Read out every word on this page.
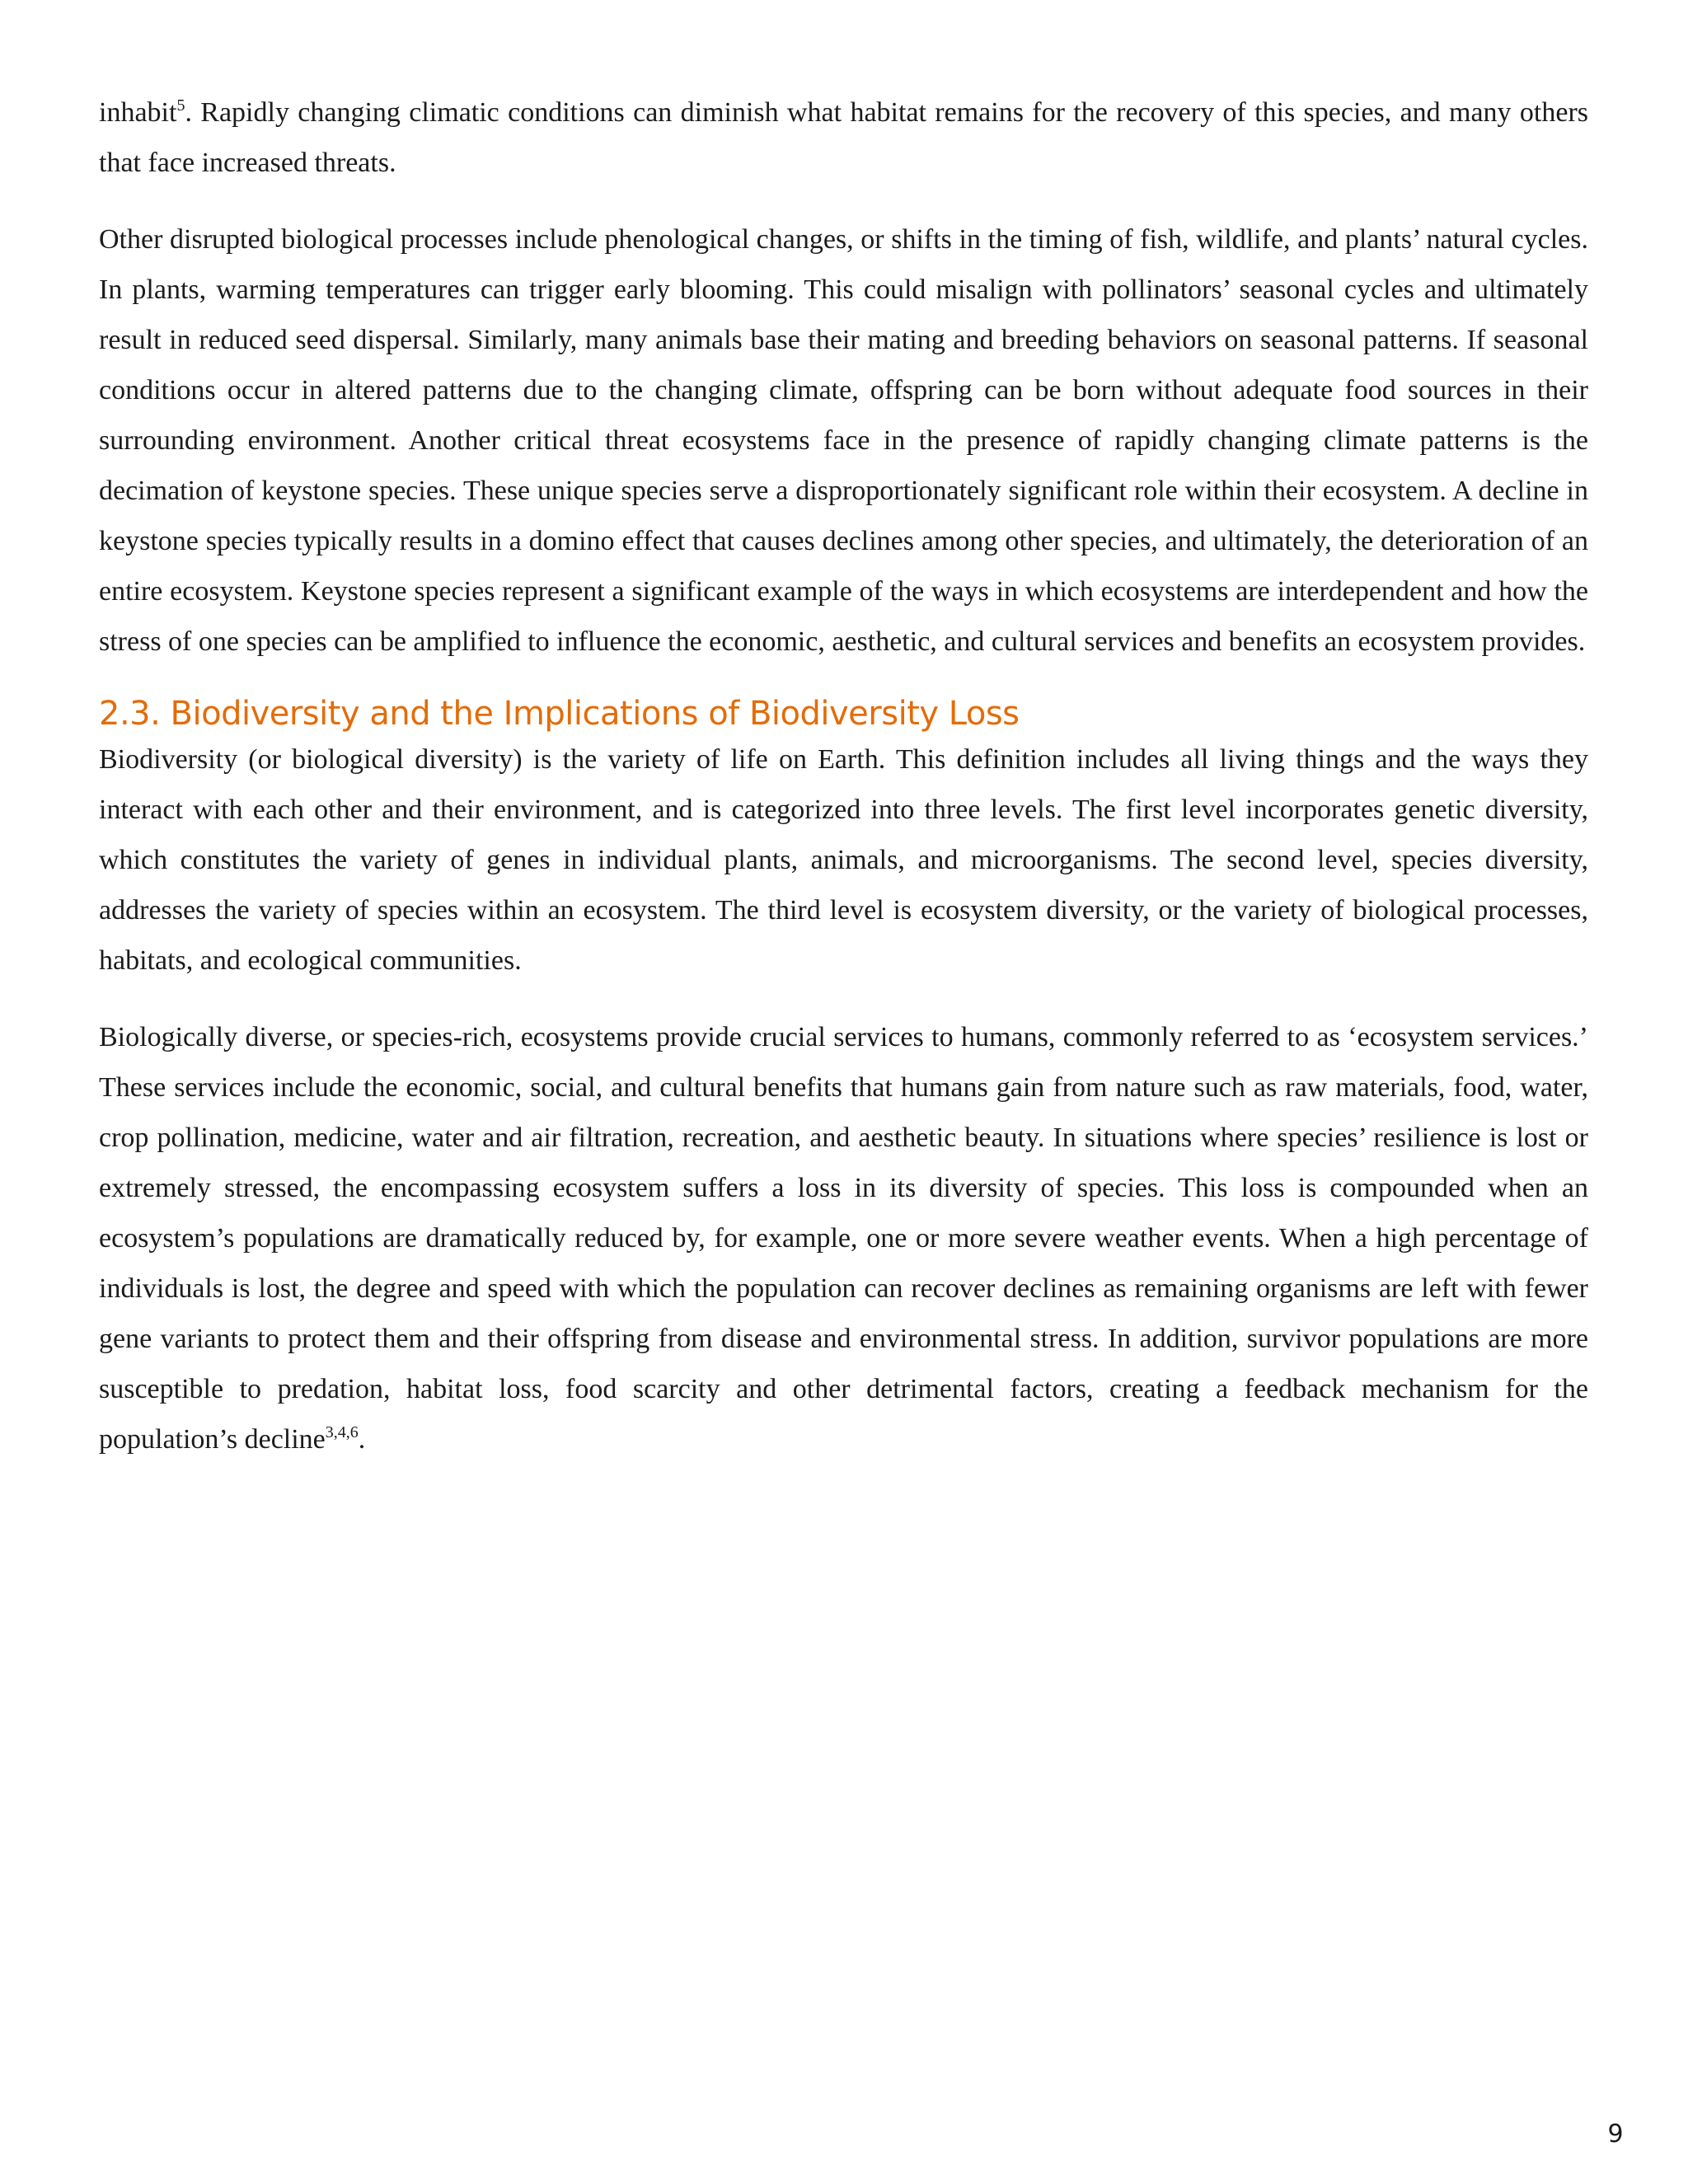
inhabit$^5$. Rapidly changing climatic conditions can diminish what habitat remains for the recovery of this species, and many others that face increased threats.

Other disrupted biological processes include phenological changes, or shifts in the timing of fish, wildlife, and plants’ natural cycles. In plants, warming temperatures can trigger early blooming. This could misalign with pollinators’ seasonal cycles and ultimately result in reduced seed dispersal. Similarly, many animals base their mating and breeding behaviors on seasonal patterns. If seasonal conditions occur in altered patterns due to the changing climate, offspring can be born without adequate food sources in their surrounding environment. Another critical threat ecosystems face in the presence of rapidly changing climate patterns is the decimation of keystone species. These unique species serve a disproportionately significant role within their ecosystem. A decline in keystone species typically results in a domino effect that causes declines among other species, and ultimately, the deterioration of an entire ecosystem. Keystone species represent a significant example of the ways in which ecosystems are interdependent and how the stress of one species can be amplified to influence the economic, aesthetic, and cultural services and benefits an ecosystem provides.

2.3. Biodiversity and the Implications of Biodiversity Loss

Biodiversity (or biological diversity) is the variety of life on Earth. This definition includes all living things and the ways they interact with each other and their environment, and is categorized into three levels. The first level incorporates genetic diversity, which constitutes the variety of genes in individual plants, animals, and microorganisms. The second level, species diversity, addresses the variety of species within an ecosystem. The third level is ecosystem diversity, or the variety of biological processes, habitats, and ecological communities.

Biologically diverse, or species-rich, ecosystems provide crucial services to humans, commonly referred to as ‘ecosystem services.’ These services include the economic, social, and cultural benefits that humans gain from nature such as raw materials, food, water, crop pollination, medicine, water and air filtration, recreation, and aesthetic beauty. In situations where species’ resilience is lost or extremely stressed, the encompassing ecosystem suffers a loss in its diversity of species. This loss is compounded when an ecosystem’s populations are dramatically reduced by, for example, one or more severe weather events. When a high percentage of individuals is lost, the degree and speed with which the population can recover declines as remaining organisms are left with fewer gene variants to protect them and their offspring from disease and environmental stress. In addition, survivor populations are more susceptible to predation, habitat loss, food scarcity and other detrimental factors, creating a feedback mechanism for the population’s decline$^{3,4,6}$.

9
